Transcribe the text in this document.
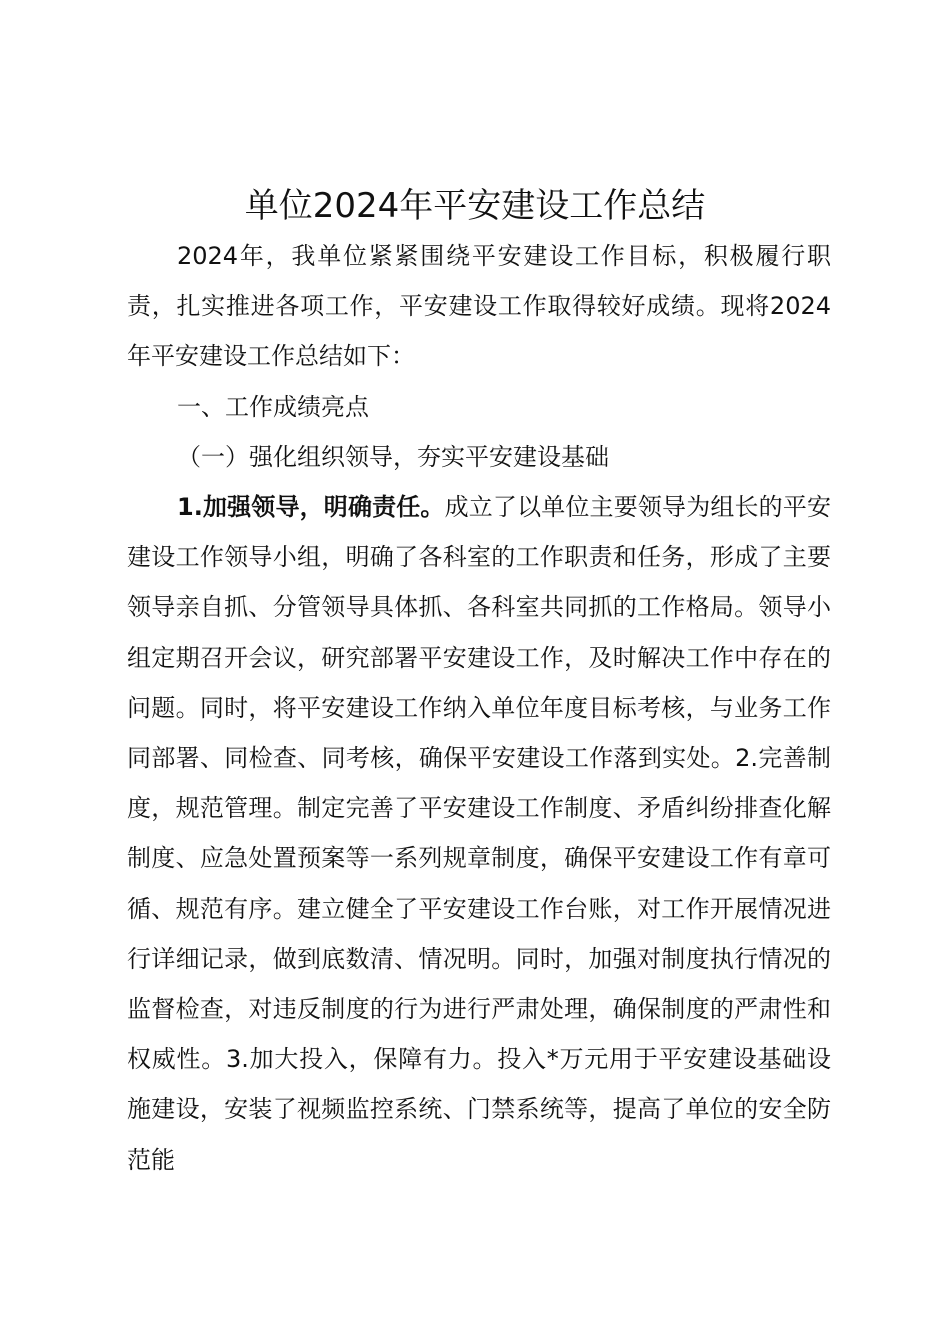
单位2024年平安建设工作总结

2024年，我单位紧紧围绕平安建设工作目标，积极履行职责，扎实推进各项工作，平安建设工作取得较好成绩。现将2024年平安建设工作总结如下：

一、工作成绩亮点

（一）强化组织领导，夯实平安建设基础

1.加强领导，明确责任。成立了以单位主要领导为组长的平安建设工作领导小组，明确了各科室的工作职责和任务，形成了主要领导亲自抓、分管领导具体抓、各科室共同抓的工作格局。领导小组定期召开会议，研究部署平安建设工作，及时解决工作中存在的问题。同时，将平安建设工作纳入单位年度目标考核，与业务工作同部署、同检查、同考核，确保平安建设工作落到实处。2.完善制度，规范管理。制定完善了平安建设工作制度、矛盾纠纷排查化解制度、应急处置预案等一系列规章制度，确保平安建设工作有章可循、规范有序。建立健全了平安建设工作台账，对工作开展情况进行详细记录，做到底数清、情况明。同时，加强对制度执行情况的监督检查，对违反制度的行为进行严肃处理，确保制度的严肃性和权威性。3.加大投入，保障有力。投入*万元用于平安建设基础设施建设，安装了视频监控系统、门禁系统等，提高了单位的安全防范能
